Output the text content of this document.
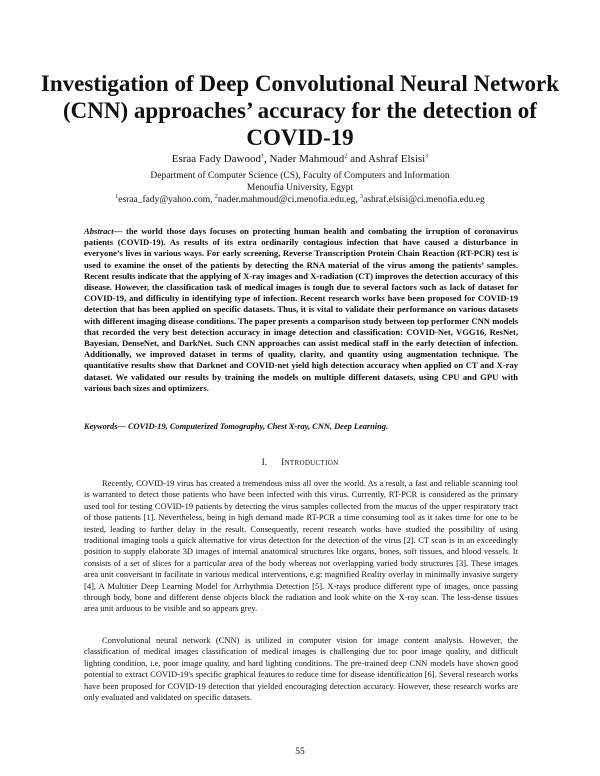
Investigation of Deep Convolutional Neural Network (CNN) approaches’ accuracy for the detection of COVID-19
Esraa Fady Dawood$^1$, Nader Mahmoud$^2$ and Ashraf Elsisi$^3$
Department of Computer Science (CS), Faculty of Computers and Information
Menoufia University, Egypt
$^1$esraa_fady@yahoo.com, $^2$nader.mahmoud@ci.menofia.edu.eg, $^3$ashraf.elsisi@ci.menofia.edu.eg

Abstract— the world those days focuses on protecting human health and combating the irruption of coronavirus patients (COVID-19). As results of its extra ordinarily contagious infection that have caused a disturbance in everyone’s lives in various ways. For early screening, Reverse Transcription Protein Chain Reaction (RT-PCR) test is used to examine the onset of the patients by detecting the RNA material of the virus among the patients’ samples. Recent results indicate that the applying of X-ray images and X-radiation (CT) improves the detection accuracy of this disease. However, the classification task of medical images is tough due to several factors such as lack of dataset for COVID-19, and difficulty in identifying type of infection. Recent research works have been proposed for COVID-19 detection that has been applied on specific datasets. Thus, it is vital to validate their performance on various datasets with different imaging disease conditions. The paper presents a comparison study between top performer CNN models that recorded the very best detection accuracy in image detection and classification: COVID-Net, VGG16, ResNet, Bayesian, DenseNet, and DarkNet. Such CNN approaches can assist medical staff in the early detection of infection. Additionally, we improved dataset in terms of quality, clarity, and quantity using augmentation technique. The quantitative results show that Darknet and COVID-net yield high detection accuracy when applied on CT and X-ray dataset. We validated our results by training the models on multiple different datasets, using CPU and GPU with various bach sizes and optimizers.

Keywords— COVID-19, Computerized Tomography, Chest X-ray, CNN, Deep Learning.

I. Introduction

Recently, COVID-19 virus has created a tremendous miss all over the world. As a result, a fast and reliable scanning tool is warranted to detect those patients who have been infected with this virus. Currently, RT-PCR is considered as the primary used tool for testing COVID-19 patients by detecting the virus samples collected from the mucus of the upper respiratory tract of those patients [1]. Nevertheless, being in high demand made RT-PCR a time consuming tool as it takes time for one to be tested, leading to further delay in the result. Consequently, recent research works have studied the possibility of using traditional imaging tools a quick alternative for virus detection for the detection of the virus [2]. CT scan is in an exceedingly position to supply elaborate 3D images of internal anatomical structures like organs, bones, soft tissues, and blood vessels. It consists of a set of slices for a particular area of the body whereas not overlapping varied body structures [3]. These images area unit conversant in facilitate in various medical interventions, e.g: magnified Reality overlay in minimally invasive surgery [4], A Multitier Deep Learning Model for Arrhythmia Detection [5]. X-rays produce different type of images, once passing through body, bone and different dense objects block the radiation and look white on the X-ray scan. The less-dense tissues area unit arduous to be visible and so appears grey.

Convolutional neural network (CNN) is utilized in computer vision for image content analysis. However, the classification of medical images classification of medical images is challenging due to: poor image quality, and difficult lighting condition, i.e, poor image quality, and hard lighting conditions. The pre-trained deep CNN models have shown good potential to extract COVID-19's specific graphical features to reduce time for disease identification [6]. Several research works have been proposed for COVID-19 detection that yielded encouraging detection accuracy. However, these research works are only evaluated and validated on specific datasets.

55
